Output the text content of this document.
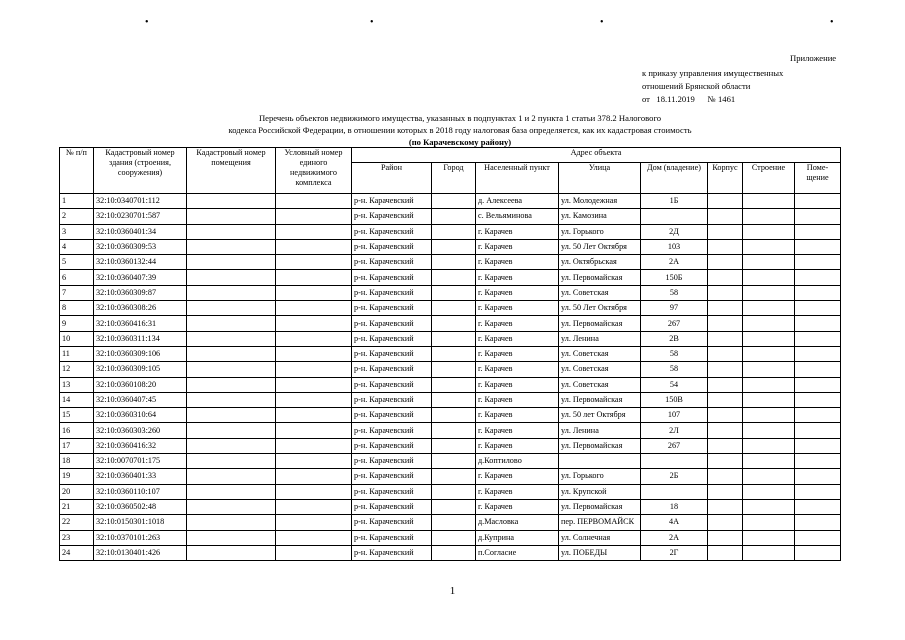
•	•	•	•
Приложение
к приказу управления имущественных
отношений Брянской области
от 18.11.2019 № 1461
Перечень объектов недвижимого имущества, указанных в подпунктах 1 и 2 пункта 1 статьи 378.2 Налогового
кодекса Российской Федерации, в отношении которых в 2018 году налоговая база определяется, как их кадастровая стоимость
(по Карачевскому району)
№ п/п	Кадастровый номер здания (строения, сооружения)	Кадастровый номер помещения	Условный номер единого недвижимого комплекса	Адрес объекта							
				Район	Город	Населенный пункт	Улица	Дом (владение)	Корпус	Строение	Поме-щение
1	32:10:0340701:112			р-н. Карачевский		д. Алексеева	ул. Молодежная	1Б			
2	32:10:0230701:587			р-н. Карачевский		с. Вельяминова	ул. Камозина				
3	32:10:0360401:34			р-н. Карачевский		г. Карачев	ул. Горького	2Д			
4	32:10:0360309:53			р-н. Карачевский		г. Карачев	ул. 50 Лет Октября	103			
5	32:10:0360132:44			р-н. Карачевский		г. Карачев	ул. Октябрьская	2А			
6	32:10:0360407:39			р-н. Карачевский		г. Карачев	ул. Первомайская	150Б			
7	32:10:0360309:87			р-н. Карачевский		г. Карачев	ул. Советская	58			
8	32:10:0360308:26			р-н. Карачевский		г. Карачев	ул. 50 Лет Октября	97			
9	32:10:0360416:31			р-н. Карачевский		г. Карачев	ул. Первомайская	267			
10	32:10:0360311:134			р-н. Карачевский		г. Карачев	ул. Ленина	2В			
11	32:10:0360309:106			р-н. Карачевский		г. Карачев	ул. Советская	58			
12	32:10:0360309:105			р-н. Карачевский		г. Карачев	ул. Советская	58			
13	32:10:0360108:20			р-н. Карачевский		г. Карачев	ул. Советская	54			
14	32:10:0360407:45			р-н. Карачевский		г. Карачев	ул. Первомайская	150В			
15	32:10:0360310:64			р-н. Карачевский		г. Карачев	ул. 50 лет Октября	107			
16	32:10:0360303:260			р-н. Карачевский		г. Карачев	ул. Ленина	2Л			
17	32:10:0360416:32			р-н. Карачевский		г. Карачев	ул. Первомайская	267			
18	32:10:0070701:175			р-н. Карачевский		д.Коптилово					
19	32:10:0360401:33			р-н. Карачевский		г. Карачев	ул. Горького	2Б			
20	32:10:0360110:107			р-н. Карачевский		г. Карачев	ул. Крупской				
21	32:10:0360502:48			р-н. Карачевский		г. Карачев	ул. Первомайская	18			
22	32:10:0150301:1018			р-н. Карачевский		д.Масловка	пер. ПЕРВОМАЙСК	4А			
23	32:10:0370101:263			р-н. Карачевский		д.Куприна	ул. Солнечная	2А			
24	32:10:0130401:426			р-н. Карачевский		п.Согласие	ул. ПОБЕДЫ	2Г			
1
